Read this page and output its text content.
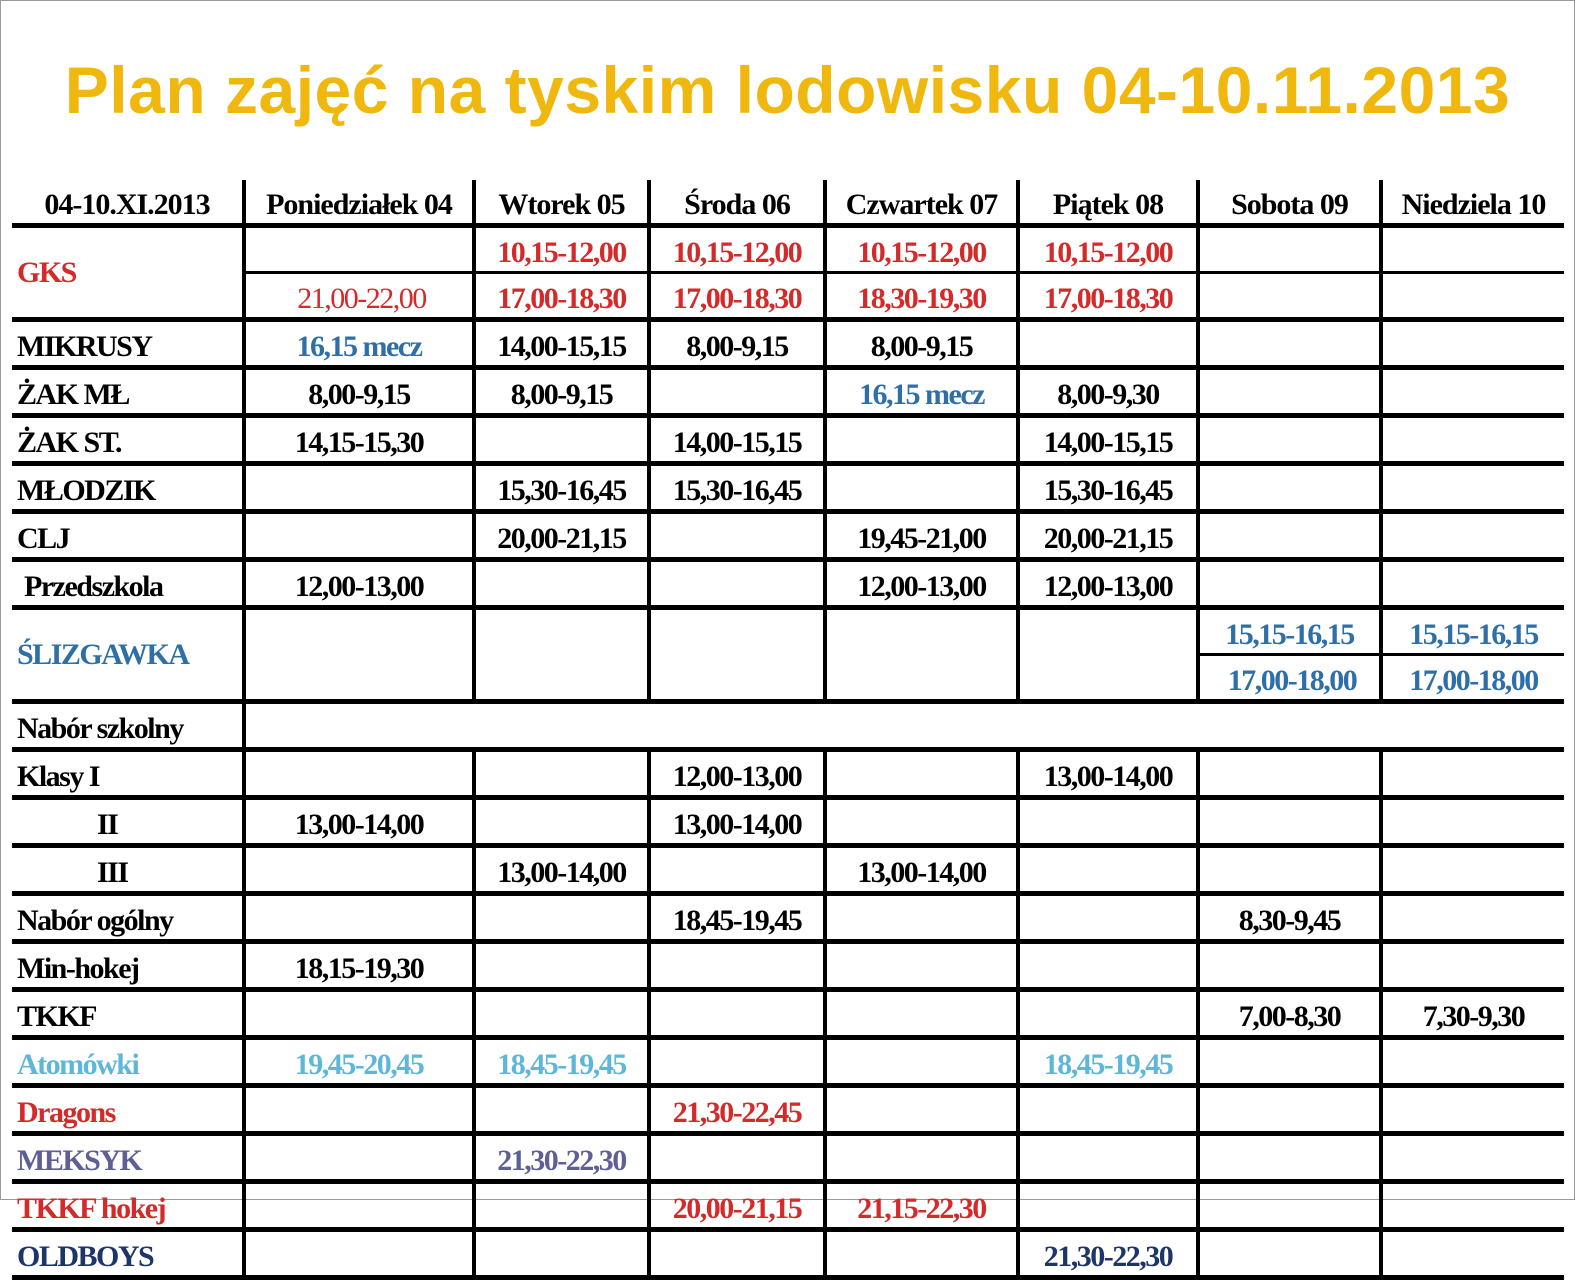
Plan zajęć na tyskim lodowisku 04-10.11.2013
04-10.XI.2013	Poniedziałek 04	Wtorek 05	Środa 06	Czwartek 07	Piątek 08	Sobota 09	Niedziela 10
GKS		10,15-12,00	10,15-12,00	10,15-12,00	10,15-12,00		
	21,00-22,00	17,00-18,30	17,00-18,30	18,30-19,30	17,00-18,30		
MIKRUSY	16,15 mecz	14,00-15,15	8,00-9,15	8,00-9,15			
ŻAK MŁ	8,00-9,15	8,00-9,15		16,15 mecz	8,00-9,30		
ŻAK ST.	14,15-15,30		14,00-15,15		14,00-15,15		
MŁODZIK		15,30-16,45	15,30-16,45		15,30-16,45		
CLJ		20,00-21,15		19,45-21,00	20,00-21,15		
Przedszkola	12,00-13,00			12,00-13,00	12,00-13,00		
ŚLIZGAWKA						15,15-16,15	15,15-16,15
						17,00-18,00	17,00-18,00
Nabór szkolny							
Klasy I			12,00-13,00		13,00-14,00		
II	13,00-14,00		13,00-14,00				
III		13,00-14,00		13,00-14,00			
Nabór ogólny			18,45-19,45			8,30-9,45	
Min-hokej	18,15-19,30						
TKKF						7,00-8,30	7,30-9,30
Atomówki	19,45-20,45	18,45-19,45			18,45-19,45		
Dragons			21,30-22,45				
MEKSYK		21,30-22,30					
TKKF hokej			20,00-21,15	21,15-22,30			
OLDBOYS					21,30-22,30		
